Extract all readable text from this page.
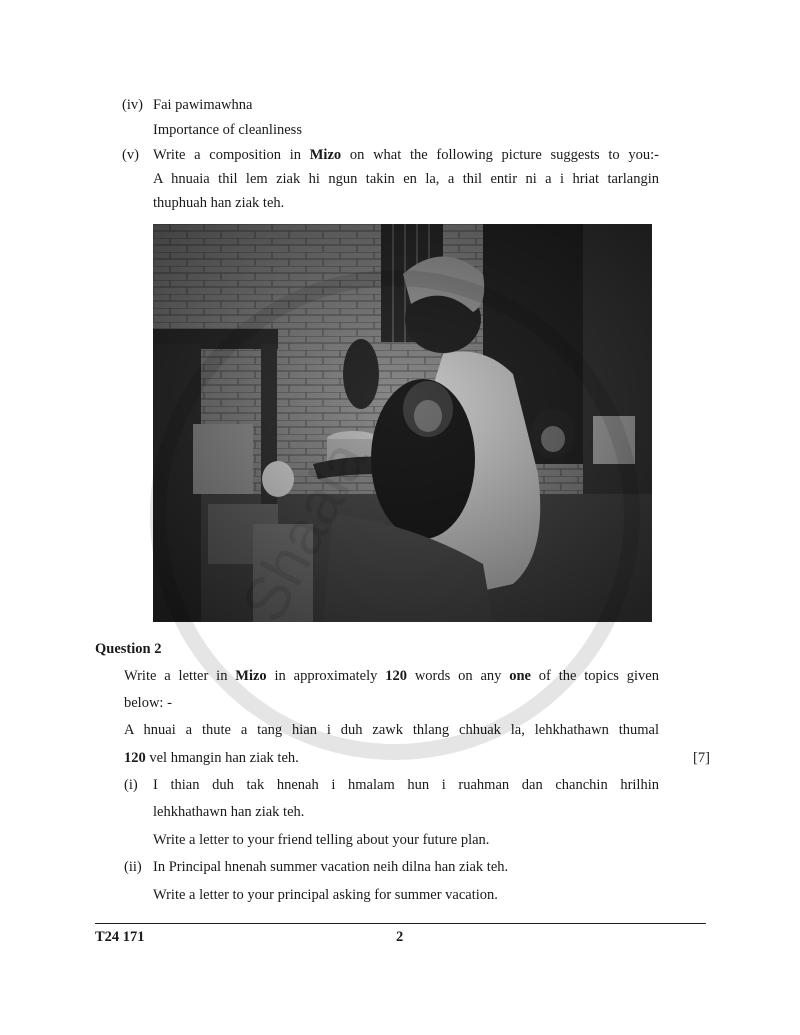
(iv) Fai pawimawhna
Importance of cleanliness
(v) Write a composition in Mizo on what the following picture suggests to you:-
A hnuaia thil lem ziak hi ngun takin en la, a thil entir ni a i hriat tarlangin
thuphuah han ziak teh.
Question 2
Write a letter in Mizo in approximately 120 words on any one of the topics given
below: -
A hnuai a thute a tang hian i duh zawk thlang chhuak la, lehkhathawn thumal
120 vel hmangin han ziak teh.	[7]
(i) I thian duh tak hnenah i hmalam hun i ruahman dan chanchin hrilhin
lehkhathawn han ziak teh.
Write a letter to your friend telling about your future plan.
(ii) In Principal hnenah summer vacation neih dilna han ziak teh.
Write a letter to your principal asking for summer vacation.
T24 171	2
